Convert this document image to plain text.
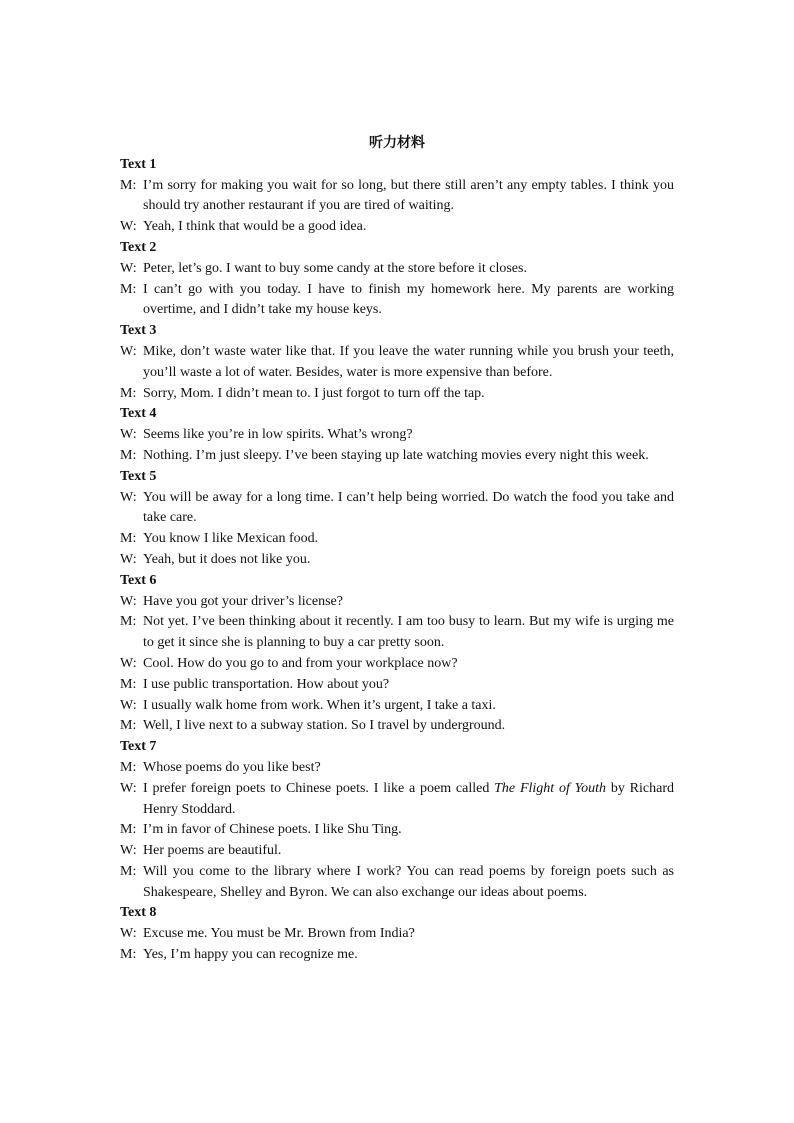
听力材料
Text 1
M: I’m sorry for making you wait for so long, but there still aren’t any empty tables. I think you should try another restaurant if you are tired of waiting.
W: Yeah, I think that would be a good idea.
Text 2
W: Peter, let’s go. I want to buy some candy at the store before it closes.
M: I can’t go with you today. I have to finish my homework here. My parents are working overtime, and I didn’t take my house keys.
Text 3
W: Mike, don’t waste water like that. If you leave the water running while you brush your teeth, you’ll waste a lot of water. Besides, water is more expensive than before.
M: Sorry, Mom. I didn’t mean to. I just forgot to turn off the tap.
Text 4
W: Seems like you’re in low spirits. What’s wrong?
M: Nothing. I’m just sleepy. I’ve been staying up late watching movies every night this week.
Text 5
W: You will be away for a long time. I can’t help being worried. Do watch the food you take and take care.
M: You know I like Mexican food.
W: Yeah, but it does not like you.
Text 6
W: Have you got your driver’s license?
M: Not yet. I’ve been thinking about it recently. I am too busy to learn. But my wife is urging me to get it since she is planning to buy a car pretty soon.
W: Cool. How do you go to and from your workplace now?
M: I use public transportation. How about you?
W: I usually walk home from work. When it’s urgent, I take a taxi.
M: Well, I live next to a subway station. So I travel by underground.
Text 7
M: Whose poems do you like best?
W: I prefer foreign poets to Chinese poets. I like a poem called The Flight of Youth by Richard Henry Stoddard.
M: I’m in favor of Chinese poets. I like Shu Ting.
W: Her poems are beautiful.
M: Will you come to the library where I work? You can read poems by foreign poets such as Shakespeare, Shelley and Byron. We can also exchange our ideas about poems.
Text 8
W: Excuse me. You must be Mr. Brown from India?
M: Yes, I’m happy you can recognize me.
